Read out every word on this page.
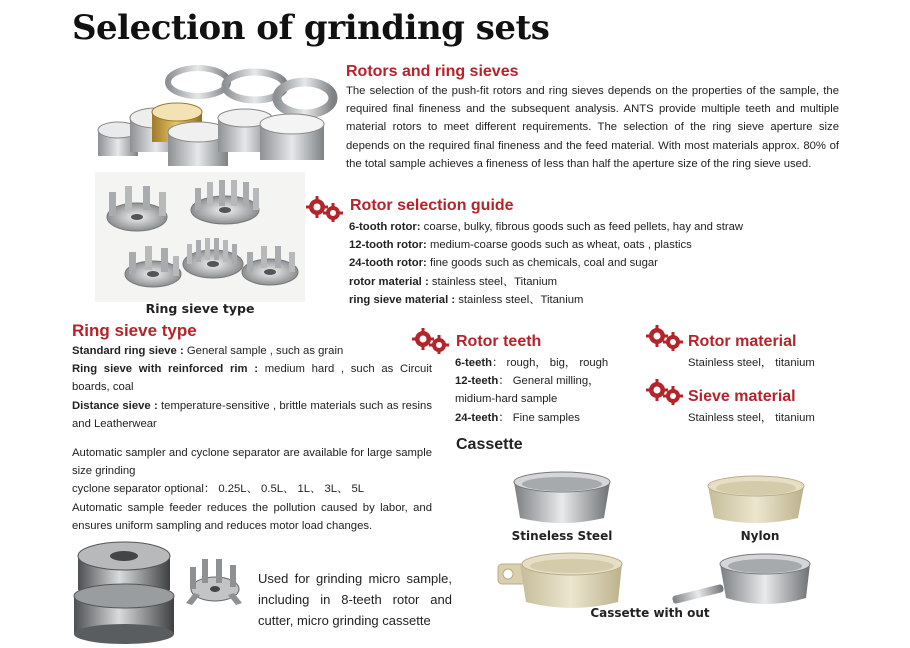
Selection of grinding sets
Ring sieve type
Rotors and ring sieves
The selection of the push-fit rotors and ring sieves depends on the properties of the sample, the required final fineness and the subsequent analysis. ANTS provide multiple teeth and multiple material rotors to meet different requirements. The selection of the ring sieve aperture size depends on the required final fineness and the feed material. With most materials approx. 80% of the total sample achieves a fineness of less than half the aperture size of the ring sieve used.
Rotor selection guide
6-tooth rotor: coarse, bulky, fibrous goods such as feed pellets, hay and straw
12-tooth rotor: medium-coarse goods such as wheat, oats , plastics
24-tooth rotor: fine goods such as chemicals, coal and sugar
rotor material : stainless steel、Titanium
ring sieve material : stainless steel、Titanium
Ring sieve type
Standard ring sieve : General sample , such as grain
Ring sieve with reinforced rim : medium hard , such as Circuit boards, coal
Distance sieve : temperature-sensitive , brittle materials such as resins and Leatherwear
Automatic sampler and cyclone separator are available for large sample size grinding
cyclone separator optional： 0.25L、 0.5L、 1L、 3L、 5L
Automatic sample feeder reduces the pollution caused by labor, and ensures uniform sampling and reduces motor load changes.
Used for grinding micro sample, including in 8-teeth rotor and cutter, micro grinding cassette
Rotor teeth
6-teeth： rough， big， rough
12-teeth： General milling， midium-hard sample
24-teeth： Fine samples
Rotor material
Stainless steel， titanium
Sieve material
Stainless steel， titanium
Cassette
Stineless Steel	Nylon
Cassette with out
